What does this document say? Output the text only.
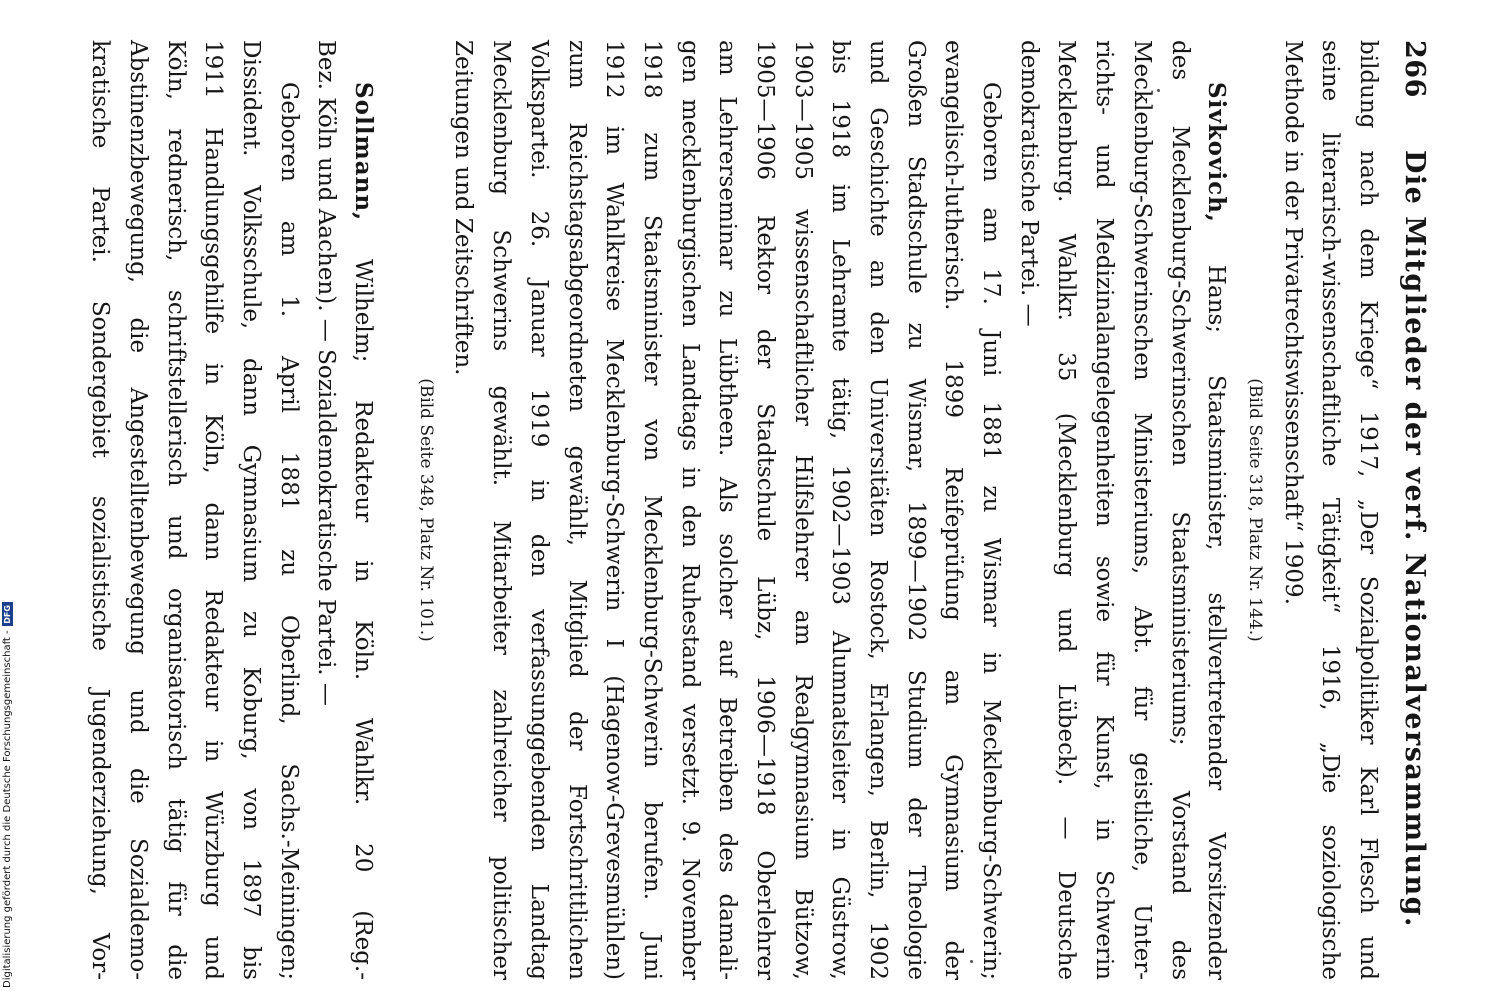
266
Die Mitglieder der verf. Nationalversammlung.
bildung nach dem Kriege“ 1917, „Der Sozialpolitiker Karl Flesch und
seine literarisch-wissenschaftliche Tätigkeit“ 1916, „Die soziologische
Methode in der Privatrechtswissenschaft“ 1909.
(Bild Seite 318, Platz Nr. 144.)
Sivkovich, Hans; Staatsminister, stellvertretender Vorsitzender
des Mecklenburg-Schwerinschen Staatsministeriums; Vorstand des
Mecklenburg-Schwerinschen Ministeriums, Abt. für geistliche, Unter-
richts- und Medizinalangelegenheiten sowie für Kunst, in Schwerin
Mecklenburg. Wahlkr. 35 (Mecklenburg und Lübeck). — Deutsche
demokratische Partei. —
Geboren am 17. Juni 1881 zu Wismar in Mecklenburg-Schwerin;
evangelisch-lutherisch. 1899 Reifeprüfung am Gymnasium der
Großen Stadtschule zu Wismar, 1899—1902 Studium der Theologie
und Geschichte an den Universitäten Rostock, Erlangen, Berlin, 1902
bis 1918 im Lehramte tätig, 1902—1903 Alumnatsleiter in Güstrow,
1903—1905 wissenschaftlicher Hilfslehrer am Realgymnasium Bützow,
1905—1906 Rektor der Stadtschule Lübz, 1906—1918 Oberlehrer
am Lehrerseminar zu Lübtheen. Als solcher auf Betreiben des damali-
gen mecklenburgischen Landtags in den Ruhestand versetzt. 9. November
1918 zum Staatsminister von Mecklenburg-Schwerin berufen. Juni
1912 im Wahlkreise Mecklenburg-Schwerin I (Hagenow-Grevesmühlen)
zum Reichstagsabgeordneten gewählt, Mitglied der Fortschrittlichen
Volkspartei. 26. Januar 1919 in den verfassunggebenden Landtag
Mecklenburg Schwerins gewählt. Mitarbeiter zahlreicher politischer
Zeitungen und Zeitschriften.
(Bild Seite 348, Platz Nr. 101.)
Sollmann, Wilhelm; Redakteur in Köln. Wahlkr. 20 (Reg.-
Bez. Köln und Aachen). — Sozialdemokratische Partei. —
Geboren am 1. April 1881 zu Oberlind, Sachs.-Meiningen;
Dissident. Volksschule, dann Gymnasium zu Koburg, von 1897 bis
1911 Handlungsgehilfe in Köln, dann Redakteur in Würzburg und
Köln, rednerisch, schriftstellerisch und organisatorisch tätig für die
Abstinenzbewegung, die Angestelltenbewegung und die Sozialdemo-
kratische Partei. Sondergebiet sozialistische Jugenderziehung, Vor-
Digitalisierung gefördert durch die Deutsche Forschungsgemeinschaft -
DFG
